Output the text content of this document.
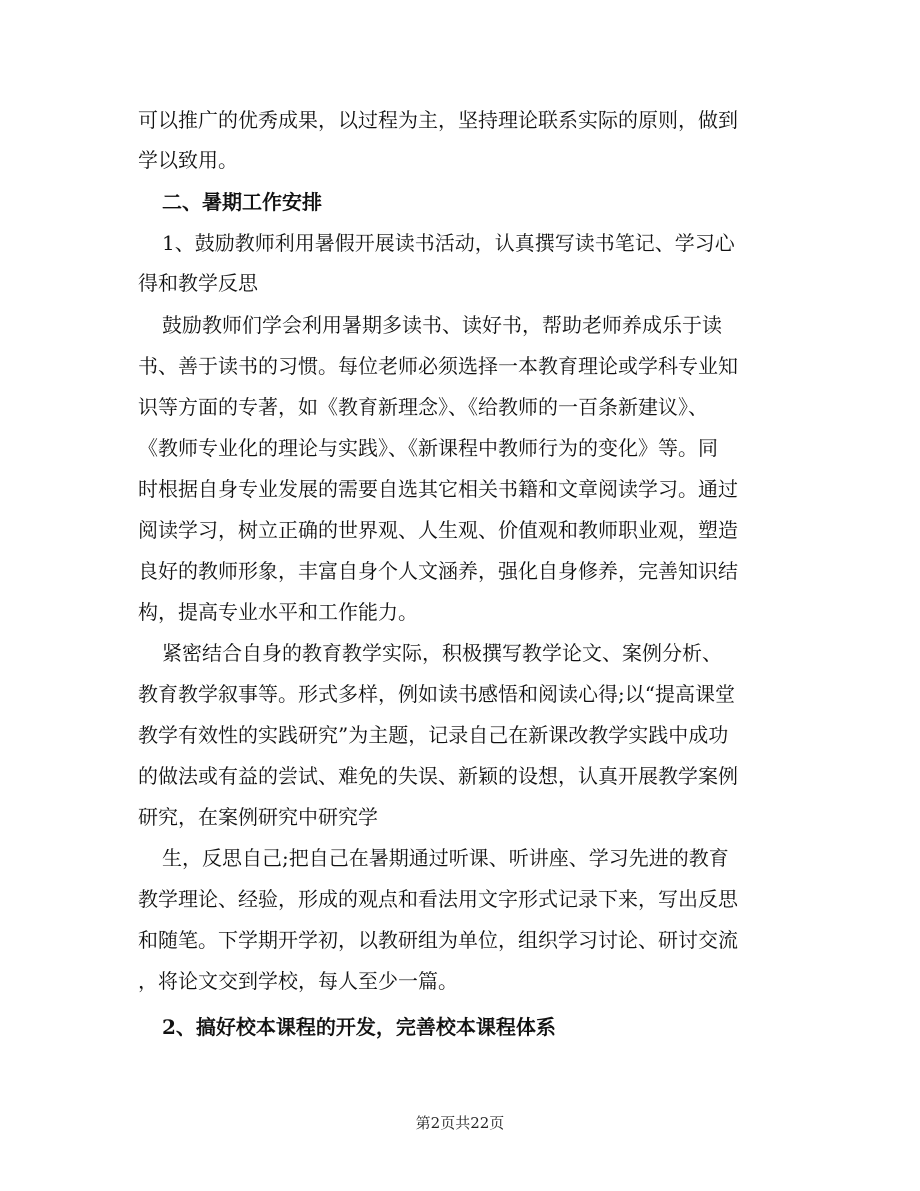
可以推广的优秀成果，以过程为主，坚持理论联系实际的原则，做到
学以致用。
二、暑期工作安排
1、鼓励教师利用暑假开展读书活动，认真撰写读书笔记、学习心
得和教学反思
鼓励教师们学会利用暑期多读书、读好书，帮助老师养成乐于读
书、善于读书的习惯。每位老师必须选择一本教育理论或学科专业知
识等方面的专著，如《教育新理念》、《给教师的一百条新建议》、
《教师专业化的理论与实践》、《新课程中教师行为的变化》等。同
时根据自身专业发展的需要自选其它相关书籍和文章阅读学习。通过
阅读学习，树立正确的世界观、人生观、价值观和教师职业观，塑造
良好的教师形象，丰富自身个人文涵养，强化自身修养，完善知识结
构，提高专业水平和工作能力。
紧密结合自身的教育教学实际，积极撰写教学论文、案例分析、
教育教学叙事等。形式多样，例如读书感悟和阅读心得;以“提高课堂
教学有效性的实践研究”为主题，记录自己在新课改教学实践中成功
的做法或有益的尝试、难免的失误、新颖的设想，认真开展教学案例
研究，在案例研究中研究学
生，反思自己;把自己在暑期通过听课、听讲座、学习先进的教育
教学理论、经验，形成的观点和看法用文字形式记录下来，写出反思
和随笔。下学期开学初，以教研组为单位，组织学习讨论、研讨交流
，将论文交到学校，每人至少一篇。
2、搞好校本课程的开发，完善校本课程体系
第2页共22页
